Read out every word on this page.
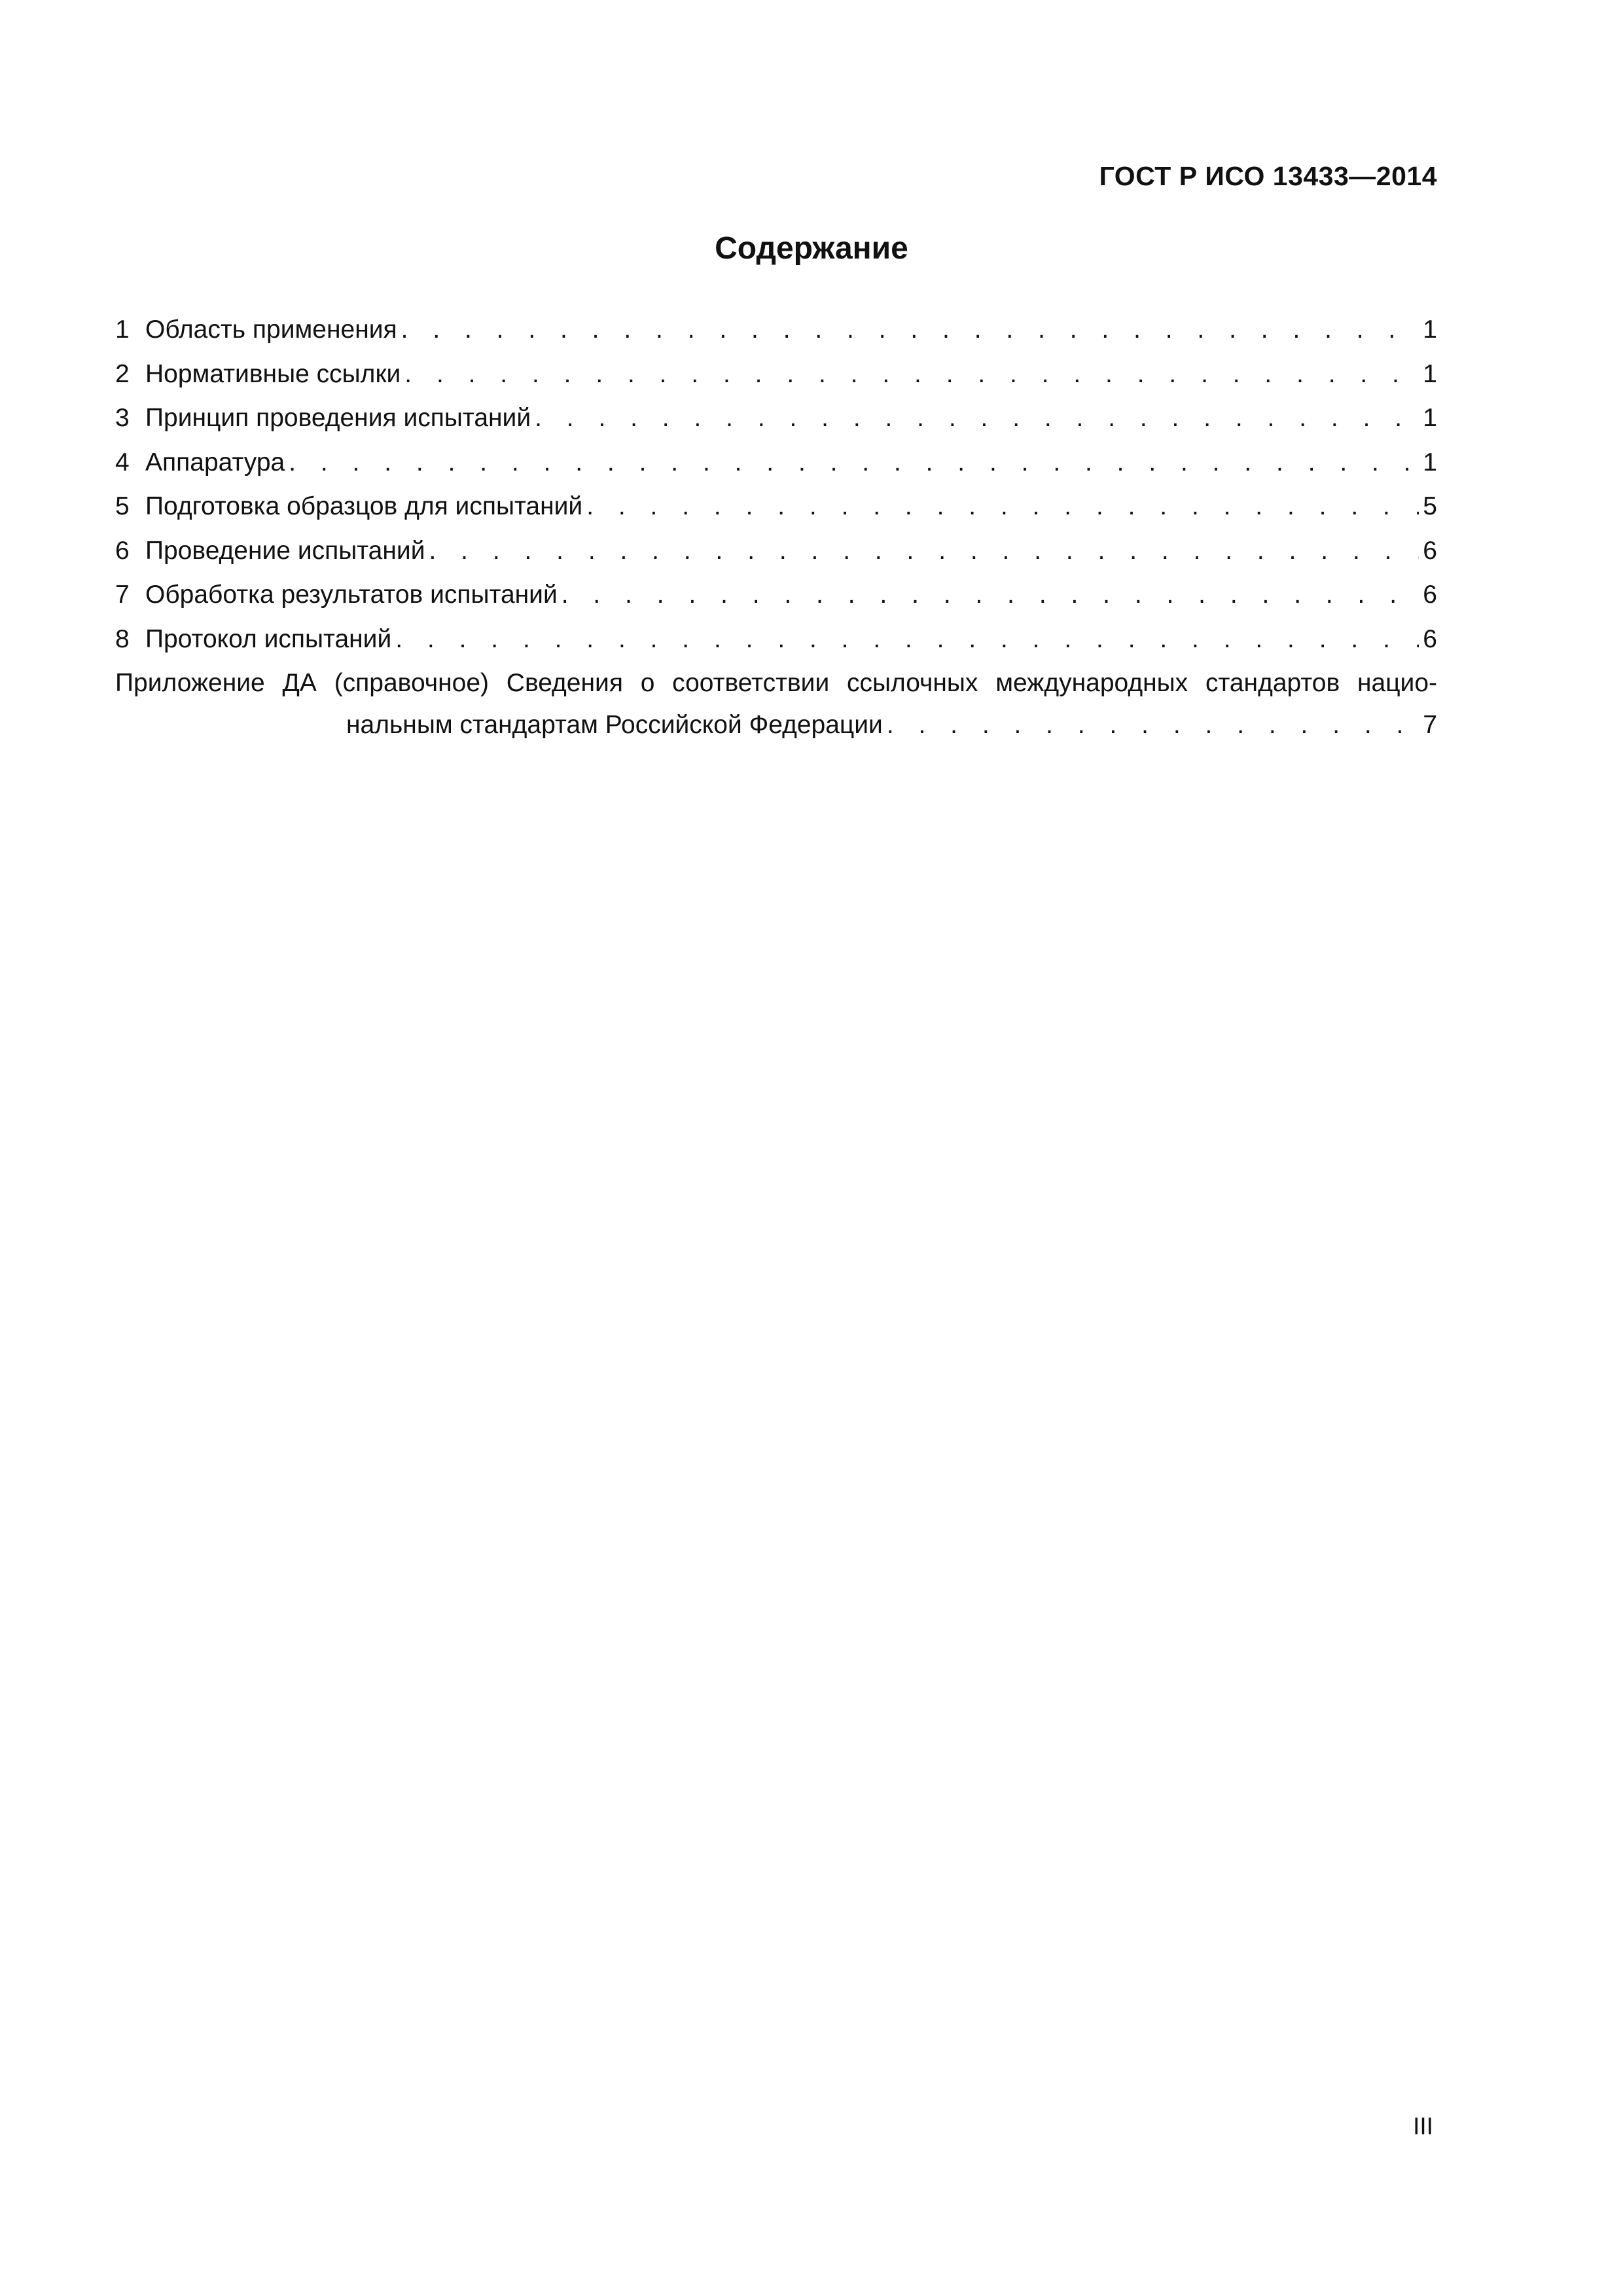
ГОСТ Р ИСО 13433—2014
Содержание
1 Область применения . . .	1
2 Нормативные ссылки . . .	1
3 Принцип проведения испытаний . . .	1
4 Аппаратура . . .	1
5 Подготовка образцов для испытаний . . .	5
6 Проведение испытаний . . .	6
7 Обработка результатов испытаний . . .	6
8 Протокол испытаний . . .	6
Приложение ДА (справочное) Сведения о соответствии ссылочных международных стандартов нацио-
нальным стандартам Российской Федерации . . .	7
III
